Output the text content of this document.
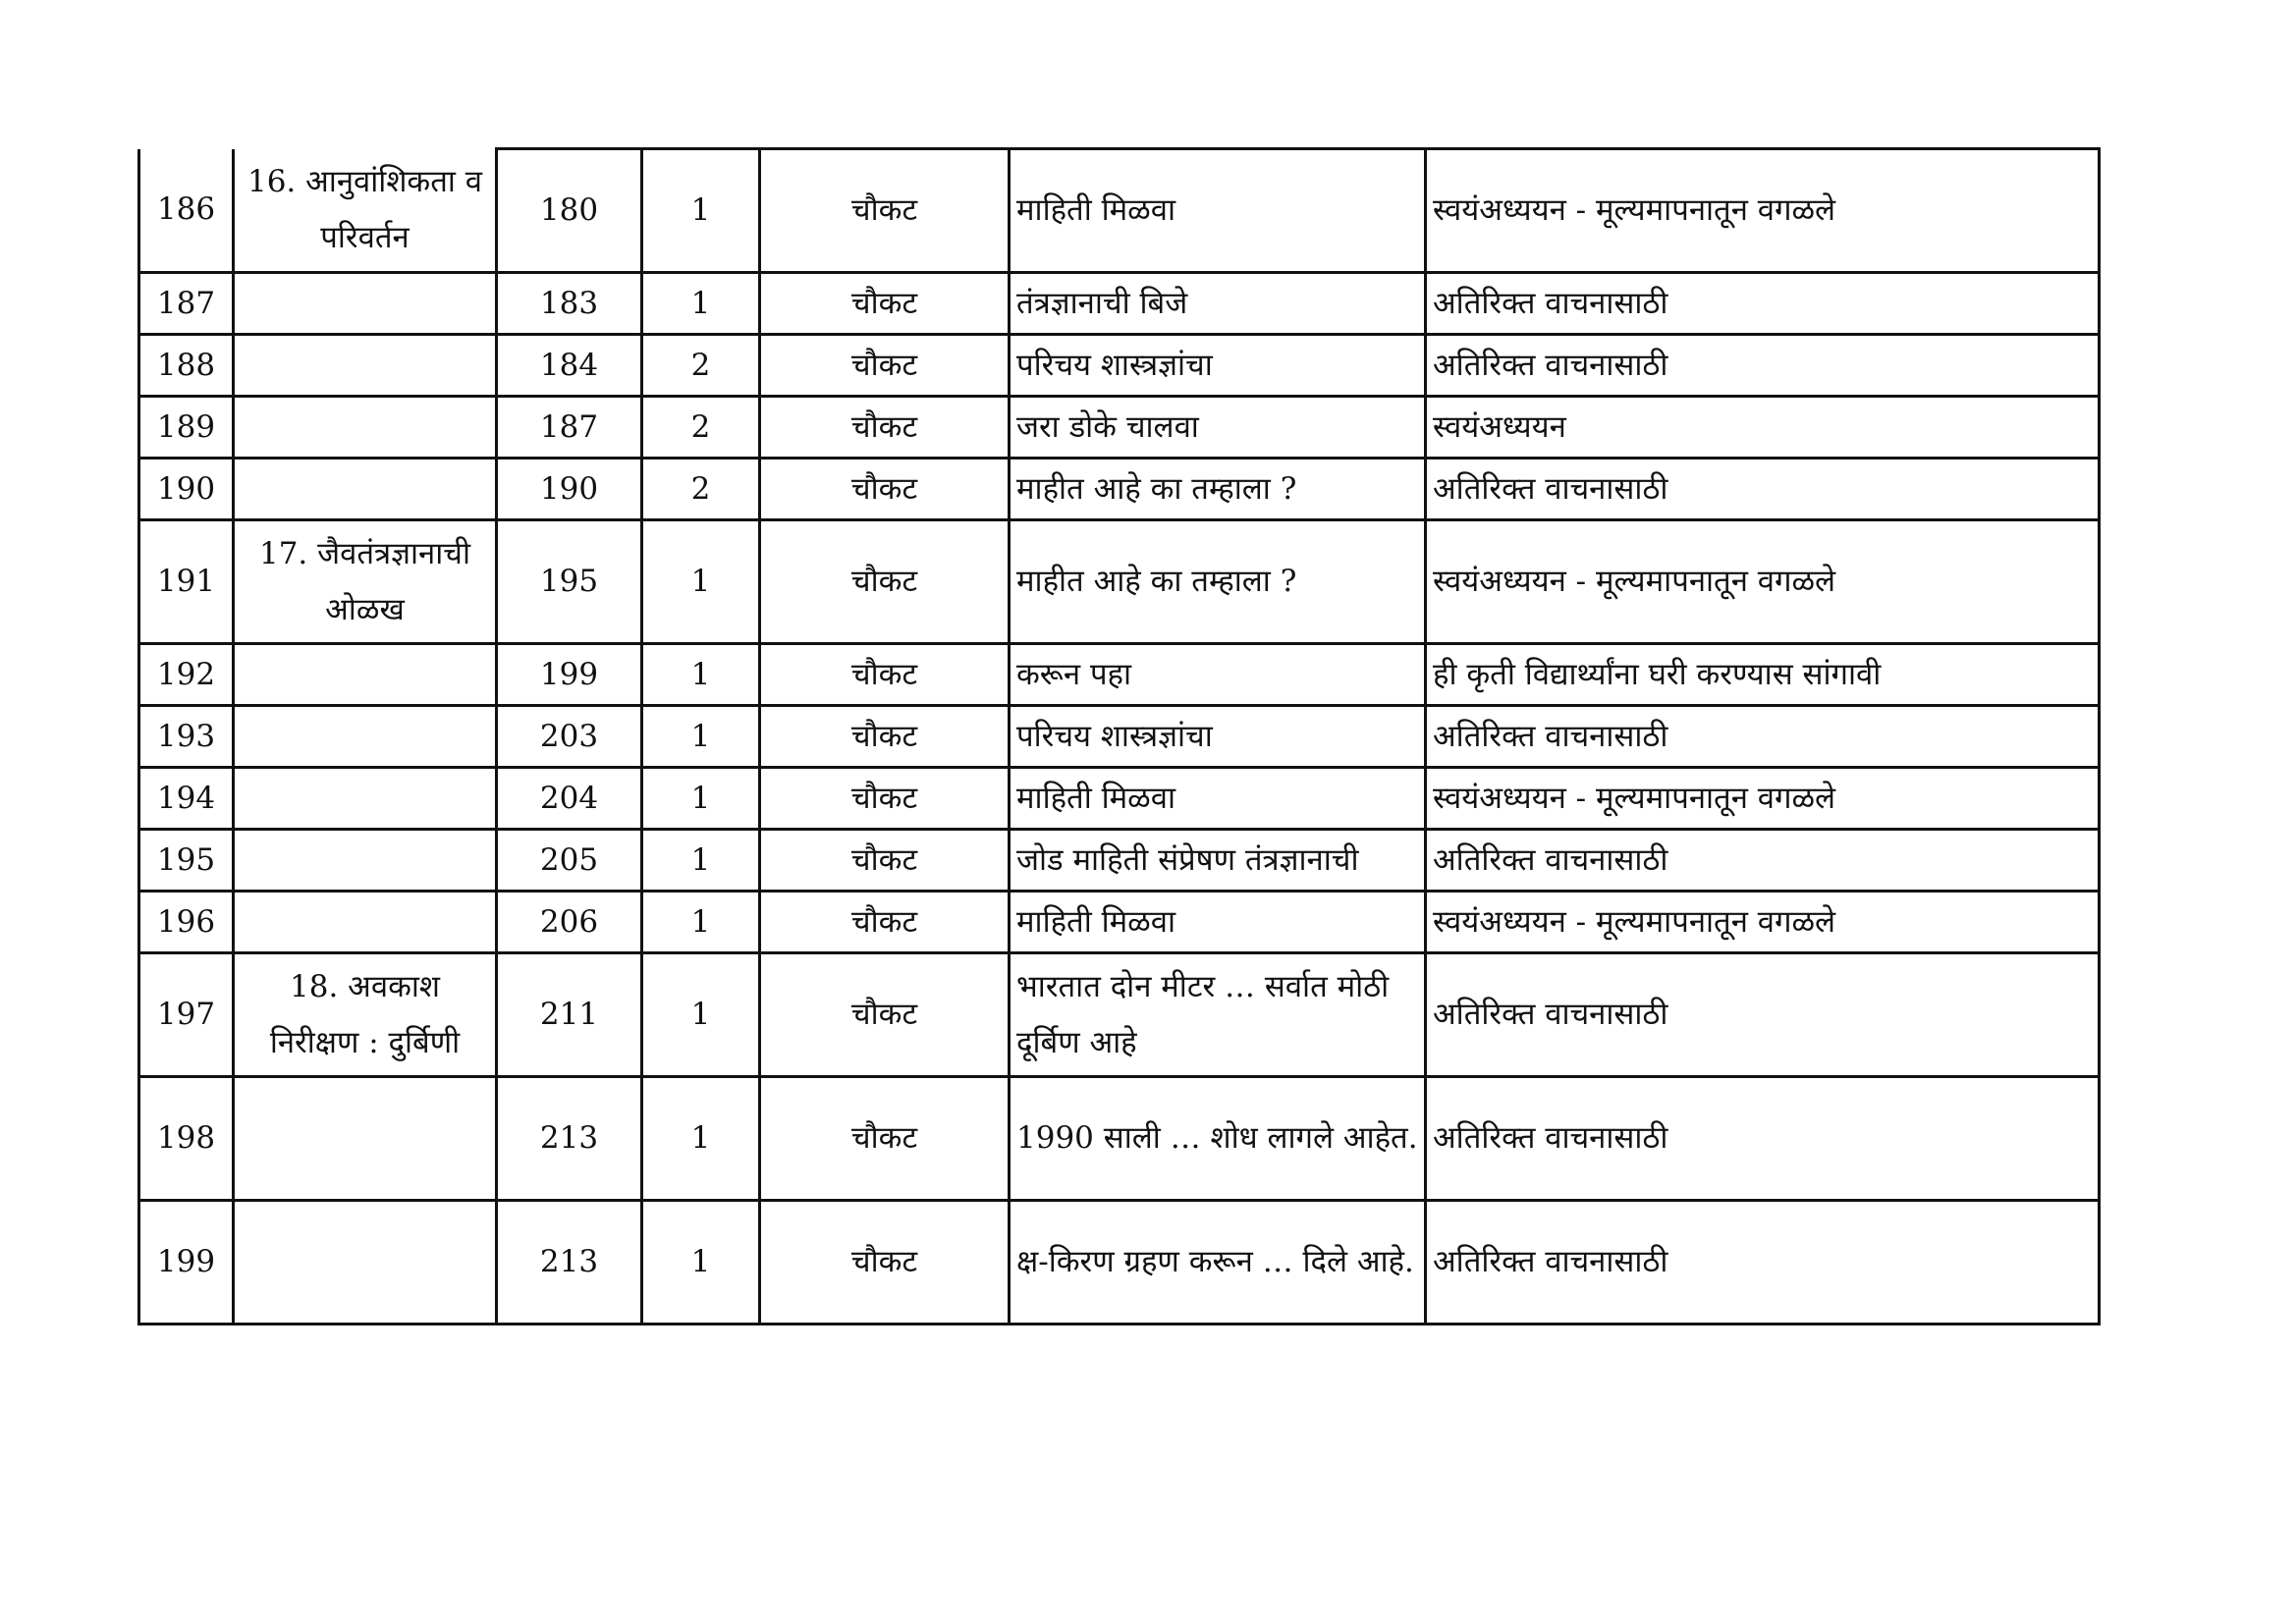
186	16. आनुवांशिकता व परिवर्तन	180	1	चौकट	माहिती मिळवा	स्वयंअध्ययन - मूल्यमापनातून वगळले
187		183	1	चौकट	तंत्रज्ञानाची बिजे	अतिरिक्त वाचनासाठी
188		184	2	चौकट	परिचय शास्त्रज्ञांचा	अतिरिक्त वाचनासाठी
189		187	2	चौकट	जरा डोके चालवा	स्वयंअध्ययन
190		190	2	चौकट	माहीत आहे का तम्हाला ?	अतिरिक्त वाचनासाठी
191	17. जैवतंत्रज्ञानाची ओळख	195	1	चौकट	माहीत आहे का तम्हाला ?	स्वयंअध्ययन - मूल्यमापनातून वगळले
192		199	1	चौकट	करून पहा	ही कृती विद्यार्थ्यांना घरी करण्यास सांगावी
193		203	1	चौकट	परिचय शास्त्रज्ञांचा	अतिरिक्त वाचनासाठी
194		204	1	चौकट	माहिती मिळवा	स्वयंअध्ययन - मूल्यमापनातून वगळले
195		205	1	चौकट	जोड माहिती संप्रेषण तंत्रज्ञानाची	अतिरिक्त वाचनासाठी
196		206	1	चौकट	माहिती मिळवा	स्वयंअध्ययन - मूल्यमापनातून वगळले
197	18. अवकाश निरीक्षण : दुर्बिणी	211	1	चौकट	भारतात दोन मीटर … सर्वात मोठी दूर्बिण आहे	अतिरिक्त वाचनासाठी
198		213	1	चौकट	1990 साली … शोध लागले आहेत.	अतिरिक्त वाचनासाठी
199		213	1	चौकट	क्ष-किरण ग्रहण करून … दिले आहे.	अतिरिक्त वाचनासाठी
